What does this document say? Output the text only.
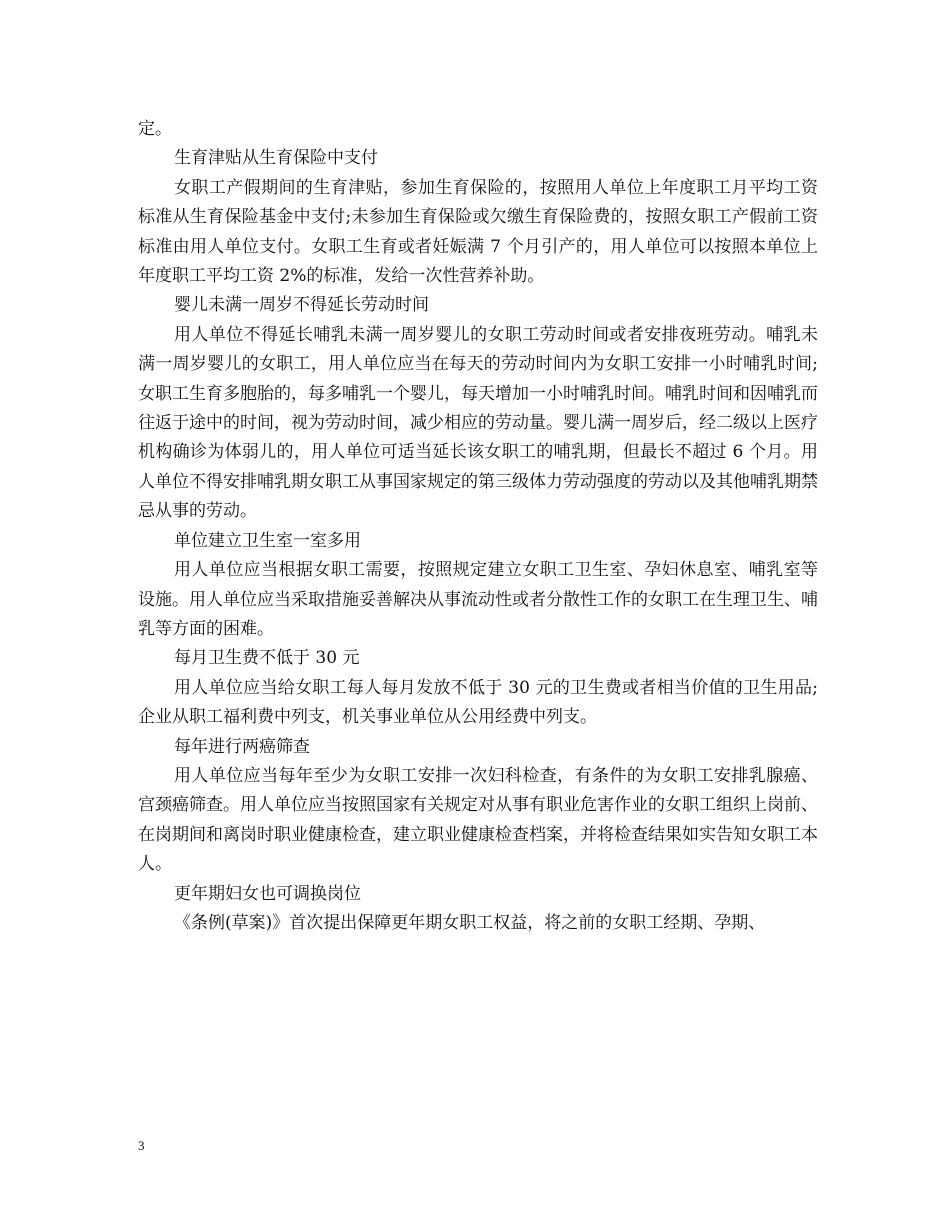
定。

生育津贴从生育保险中支付

女职工产假期间的生育津贴，参加生育保险的，按照用人单位上年度职工月平均工资标准从生育保险基金中支付;未参加生育保险或欠缴生育保险费的，按照女职工产假前工资标准由用人单位支付。女职工生育或者妊娠满 7 个月引产的，用人单位可以按照本单位上年度职工平均工资 2%的标准，发给一次性营养补助。

婴儿未满一周岁不得延长劳动时间

用人单位不得延长哺乳未满一周岁婴儿的女职工劳动时间或者安排夜班劳动。哺乳未满一周岁婴儿的女职工，用人单位应当在每天的劳动时间内为女职工安排一小时哺乳时间;女职工生育多胞胎的，每多哺乳一个婴儿，每天增加一小时哺乳时间。哺乳时间和因哺乳而往返于途中的时间，视为劳动时间，减少相应的劳动量。婴儿满一周岁后，经二级以上医疗机构确诊为体弱儿的，用人单位可适当延长该女职工的哺乳期，但最长不超过 6 个月。用人单位不得安排哺乳期女职工从事国家规定的第三级体力劳动强度的劳动以及其他哺乳期禁忌从事的劳动。

单位建立卫生室一室多用

用人单位应当根据女职工需要，按照规定建立女职工卫生室、孕妇休息室、哺乳室等设施。用人单位应当采取措施妥善解决从事流动性或者分散性工作的女职工在生理卫生、哺乳等方面的困难。

每月卫生费不低于 30 元

用人单位应当给女职工每人每月发放不低于 30 元的卫生费或者相当价值的卫生用品;企业从职工福利费中列支，机关事业单位从公用经费中列支。

每年进行两癌筛查

用人单位应当每年至少为女职工安排一次妇科检查，有条件的为女职工安排乳腺癌、宫颈癌筛查。用人单位应当按照国家有关规定对从事有职业危害作业的女职工组织上岗前、在岗期间和离岗时职业健康检查，建立职业健康检查档案，并将检查结果如实告知女职工本人。

更年期妇女也可调换岗位

《条例(草案)》首次提出保障更年期女职工权益，将之前的女职工经期、孕期、

3
